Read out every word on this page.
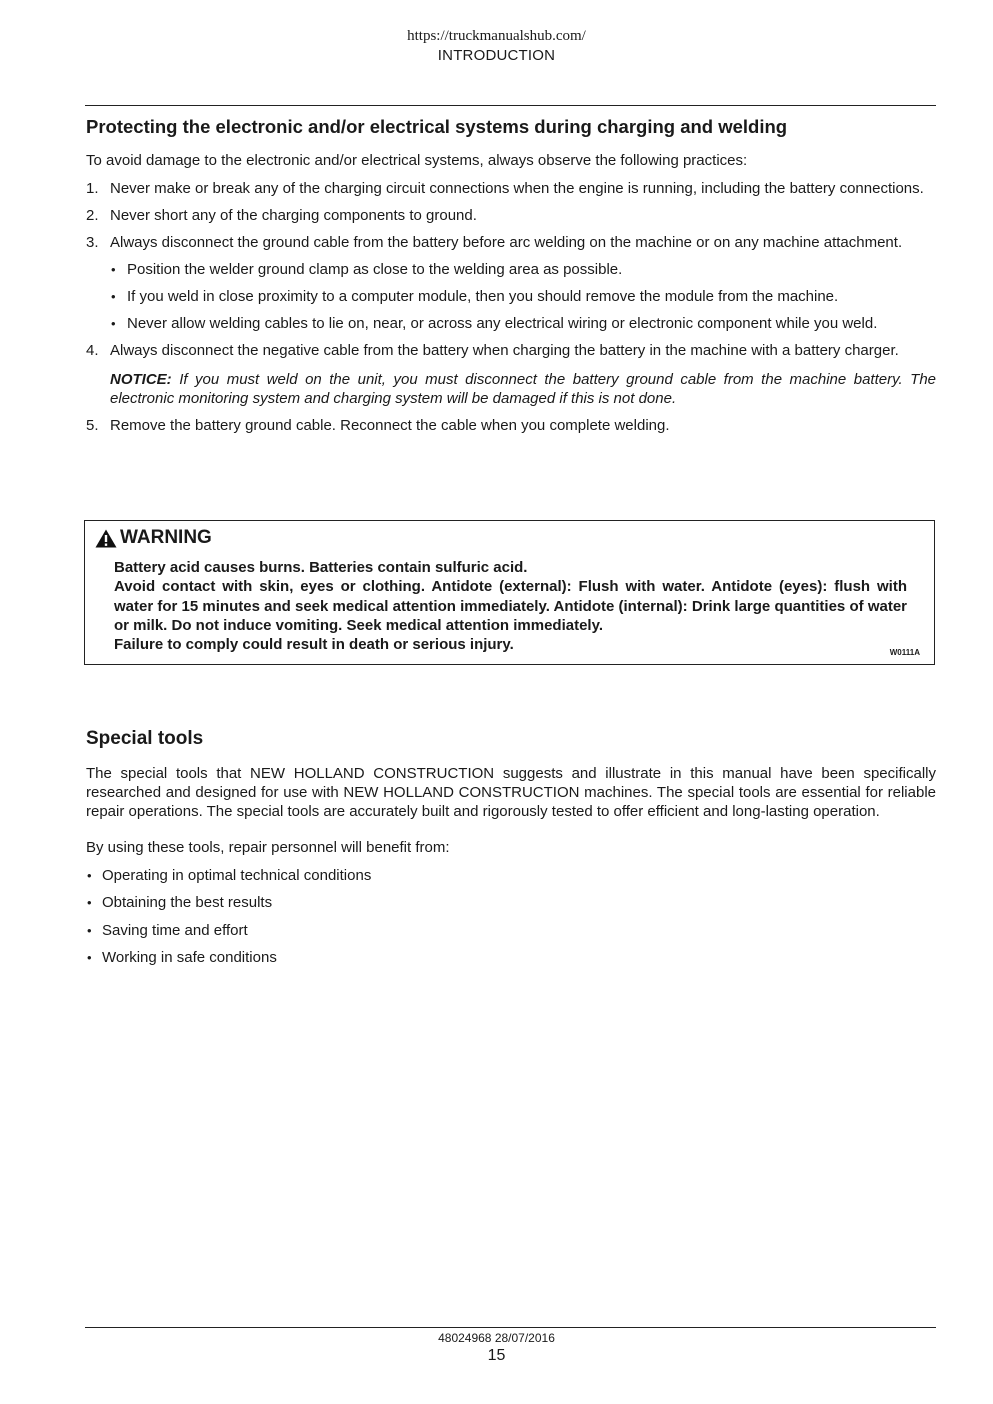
https://truckmanualshub.com/
INTRODUCTION
Protecting the electronic and/or electrical systems during charging and welding

To avoid damage to the electronic and/or electrical systems, always observe the following practices:

1. Never make or break any of the charging circuit connections when the engine is running, including the battery connections.
2. Never short any of the charging components to ground.
3. Always disconnect the ground cable from the battery before arc welding on the machine or on any machine attachment.
• Position the welder ground clamp as close to the welding area as possible.
• If you weld in close proximity to a computer module, then you should remove the module from the machine.
• Never allow welding cables to lie on, near, or across any electrical wiring or electronic component while you weld.
4. Always disconnect the negative cable from the battery when charging the battery in the machine with a battery charger.
NOTICE: If you must weld on the unit, you must disconnect the battery ground cable from the machine battery. The electronic monitoring system and charging system will be damaged if this is not done.
5. Remove the battery ground cable. Reconnect the cable when you complete welding.
WARNING

Battery acid causes burns. Batteries contain sulfuric acid.

Avoid contact with skin, eyes or clothing. Antidote (external): Flush with water. Antidote (eyes): flush with water for 15 minutes and seek medical attention immediately. Antidote (internal): Drink large quantities of water or milk. Do not induce vomiting. Seek medical attention immediately.

Failure to comply could result in death or serious injury.	W0111A
Special tools

The special tools that NEW HOLLAND CONSTRUCTION suggests and illustrate in this manual have been specifically researched and designed for use with NEW HOLLAND CONSTRUCTION machines. The special tools are essential for reliable repair operations. The special tools are accurately built and rigorously tested to offer efficient and long-lasting operation.

By using these tools, repair personnel will benefit from:

• Operating in optimal technical conditions
• Obtaining the best results
• Saving time and effort
• Working in safe conditions
48024968 28/07/2016
15
